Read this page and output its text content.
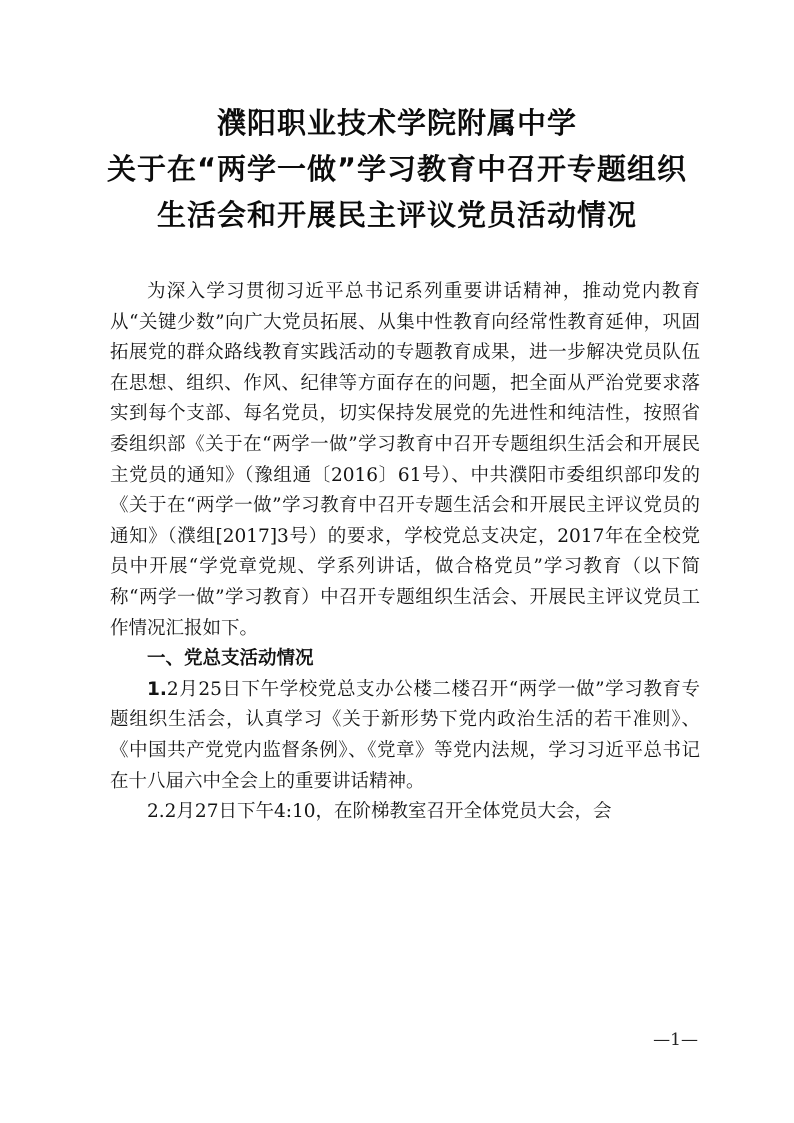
濮阳职业技术学院附属中学
关于在“两学一做”学习教育中召开专题组织
生活会和开展民主评议党员活动情况

为深入学习贯彻习近平总书记系列重要讲话精神，推动党内教育从“关键少数”向广大党员拓展、从集中性教育向经常性教育延伸，巩固拓展党的群众路线教育实践活动的专题教育成果，进一步解决党员队伍在思想、组织、作风、纪律等方面存在的问题，把全面从严治党要求落实到每个支部、每名党员，切实保持发展党的先进性和纯洁性，按照省委组织部《关于在“两学一做”学习教育中召开专题组织生活会和开展民主党员的通知》（豫组通〔2016〕61号）、中共濮阳市委组织部印发的《关于在“两学一做”学习教育中召开专题生活会和开展民主评议党员的通知》（濮组[2017]3号）的要求，学校党总支决定，2017年在全校党员中开展“学党章党规、学系列讲话，做合格党员”学习教育（以下简称“两学一做”学习教育）中召开专题组织生活会、开展民主评议党员工作情况汇报如下。

一、党总支活动情况

1.2月25日下午学校党总支办公楼二楼召开“两学一做”学习教育专题组织生活会，认真学习《关于新形势下党内政治生活的若干准则》、《中国共产党党内监督条例》、《党章》等党内法规，学习习近平总书记在十八届六中全会上的重要讲话精神。

2.2月27日下午4:10，在阶梯教室召开全体党员大会，会

—1—
